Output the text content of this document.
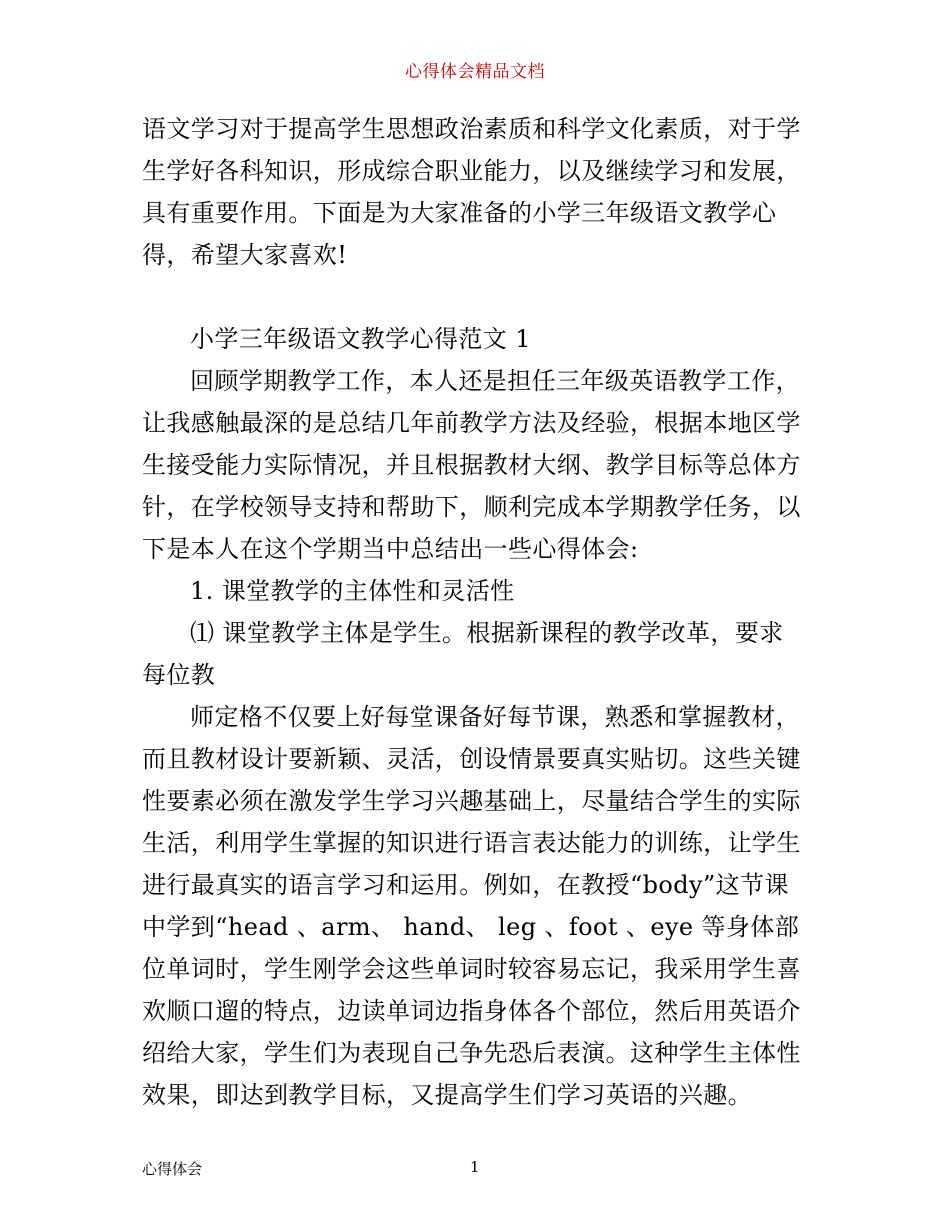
心得体会精品文档
语文学习对于提高学生思想政治素质和科学文化素质，对于学
生学好各科知识，形成综合职业能力，以及继续学习和发展，
具有重要作用。下面是为大家准备的小学三年级语文教学心
得，希望大家喜欢!
小学三年级语文教学心得范文 1
回顾学期教学工作，本人还是担任三年级英语教学工作，
让我感触最深的是总结几年前教学方法及经验，根据本地区学
生接受能力实际情况，并且根据教材大纲、教学目标等总体方
针，在学校领导支持和帮助下，顺利完成本学期教学任务，以
下是本人在这个学期当中总结出一些心得体会:
1. 课堂教学的主体性和灵活性
⑴ 课堂教学主体是学生。根据新课程的教学改革，要求
每位教
师定格不仅要上好每堂课备好每节课，熟悉和掌握教材，
而且教材设计要新颖、灵活，创设情景要真实贴切。这些关键
性要素必须在激发学生学习兴趣基础上，尽量结合学生的实际
生活，利用学生掌握的知识进行语言表达能力的训练，让学生
进行最真实的语言学习和运用。例如，在教授“body”这节课
中学到“head 、arm、 hand、 leg 、foot 、eye 等身体部
位单词时，学生刚学会这些单词时较容易忘记，我采用学生喜
欢顺口遛的特点，边读单词边指身体各个部位，然后用英语介
绍给大家，学生们为表现自己争先恐后表演。这种学生主体性
效果，即达到教学目标，又提高学生们学习英语的兴趣。
心得体会	1
